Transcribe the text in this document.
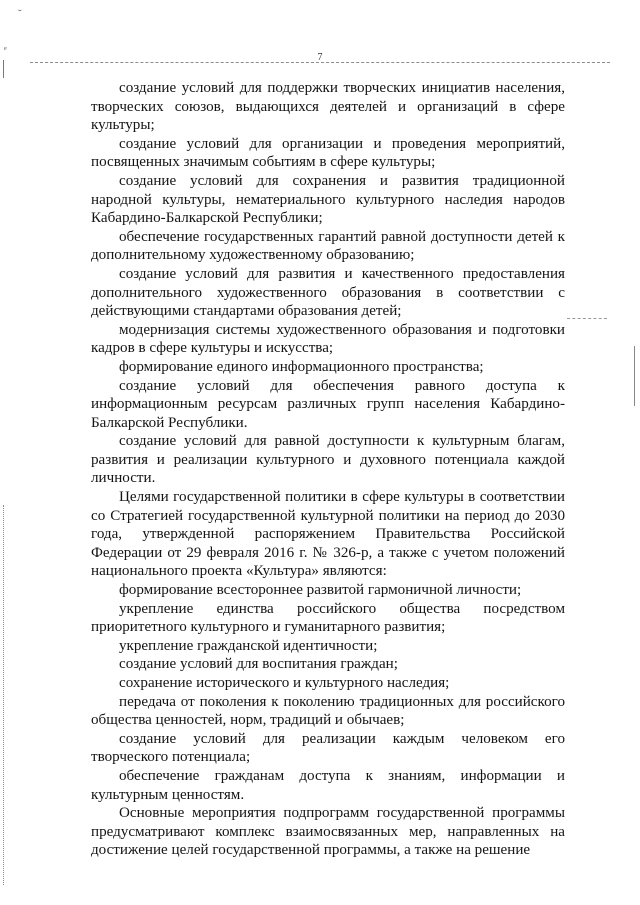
˘
ₑ
7

создание условий для поддержки творческих инициатив населения, творческих союзов, выдающихся деятелей и организаций в сфере культуры;

создание условий для организации и проведения мероприятий, посвященных значимым событиям в сфере культуры;

создание условий для сохранения и развития традиционной народной культуры, нематериального культурного наследия народов Кабардино-Балкарской Республики;

обеспечение государственных гарантий равной доступности детей к дополнительному художественному образованию;

создание условий для развития и качественного предоставления дополнительного художественного образования в соответствии с действующими стандартами образования детей;

модернизация системы художественного образования и подготовки кадров в сфере культуры и искусства;

формирование единого информационного пространства;

создание условий для обеспечения равного доступа к информационным ресурсам различных групп населения Кабардино-Балкарской Республики.

создание условий для равной доступности к культурным благам, развития и реализации культурного и духовного потенциала каждой личности.

Целями государственной политики в сфере культуры в соответствии со Стратегией государственной культурной политики на период до 2030 года, утвержденной распоряжением Правительства Российской Федерации от 29 февраля 2016 г. № 326-р, а также с учетом положений национального проекта «Культура» являются:

формирование всестороннее развитой гармоничной личности;

укрепление единства российского общества посредством приоритетного культурного и гуманитарного развития;

укрепление гражданской идентичности;

создание условий для воспитания граждан;

сохранение исторического и культурного наследия;

передача от поколения к поколению традиционных для российского общества ценностей, норм, традиций и обычаев;

создание условий для реализации каждым человеком его творческого потенциала;

обеспечение гражданам доступа к знаниям, информации и культурным ценностям.

Основные мероприятия подпрограмм государственной программы предусматривают комплекс взаимосвязанных мер, направленных на достижение целей государственной программы, а также на решение
